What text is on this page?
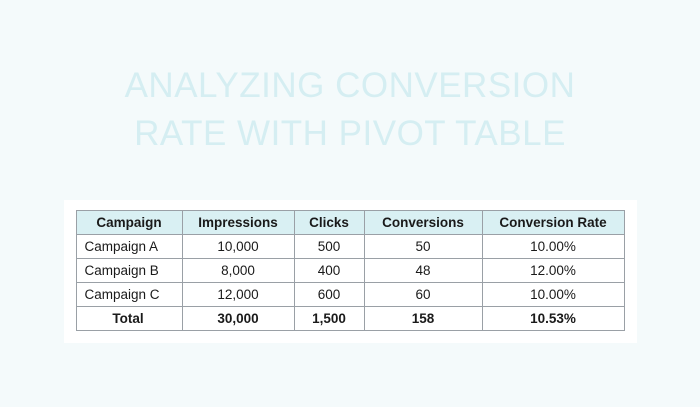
ANALYZING CONVERSION
RATE WITH PIVOT TABLE
Campaign	Impressions	Clicks	Conversions	Conversion Rate
Campaign A	10,000	500	50	10.00%
Campaign B	8,000	400	48	12.00%
Campaign C	12,000	600	60	10.00%
Total	30,000	1,500	158	10.53%
